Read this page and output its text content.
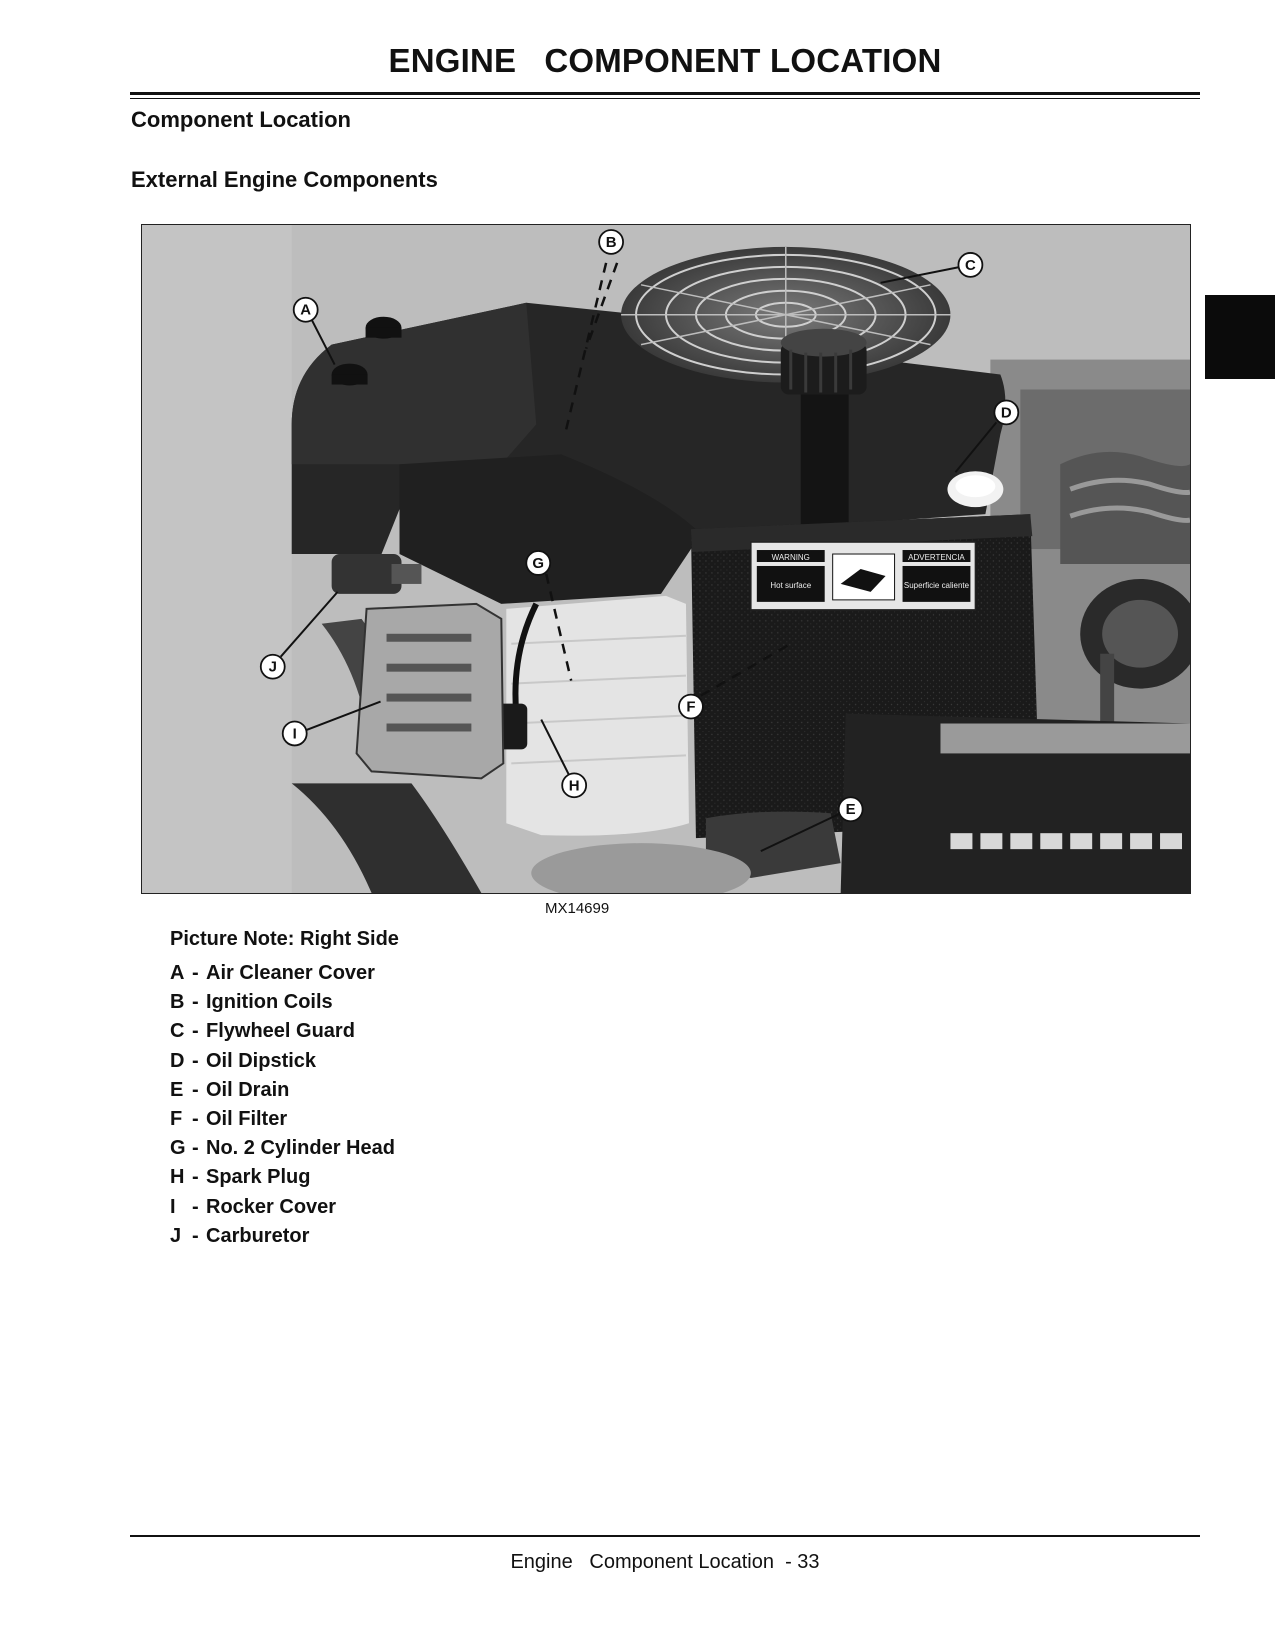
ENGINE   COMPONENT LOCATION
Component Location
External Engine Components
WARNING
Hot surface
ADVERTENCIA
Superficie caliente
A
B
C
D
E
F
G
H
I
J
MX14699
Picture Note: Right Side
A - Air Cleaner Cover
B - Ignition Coils
C - Flywheel Guard
D - Oil Dipstick
E - Oil Drain
F - Oil Filter
G - No. 2 Cylinder Head
H - Spark Plug
I - Rocker Cover
J - Carburetor
Engine   Component Location  - 33
